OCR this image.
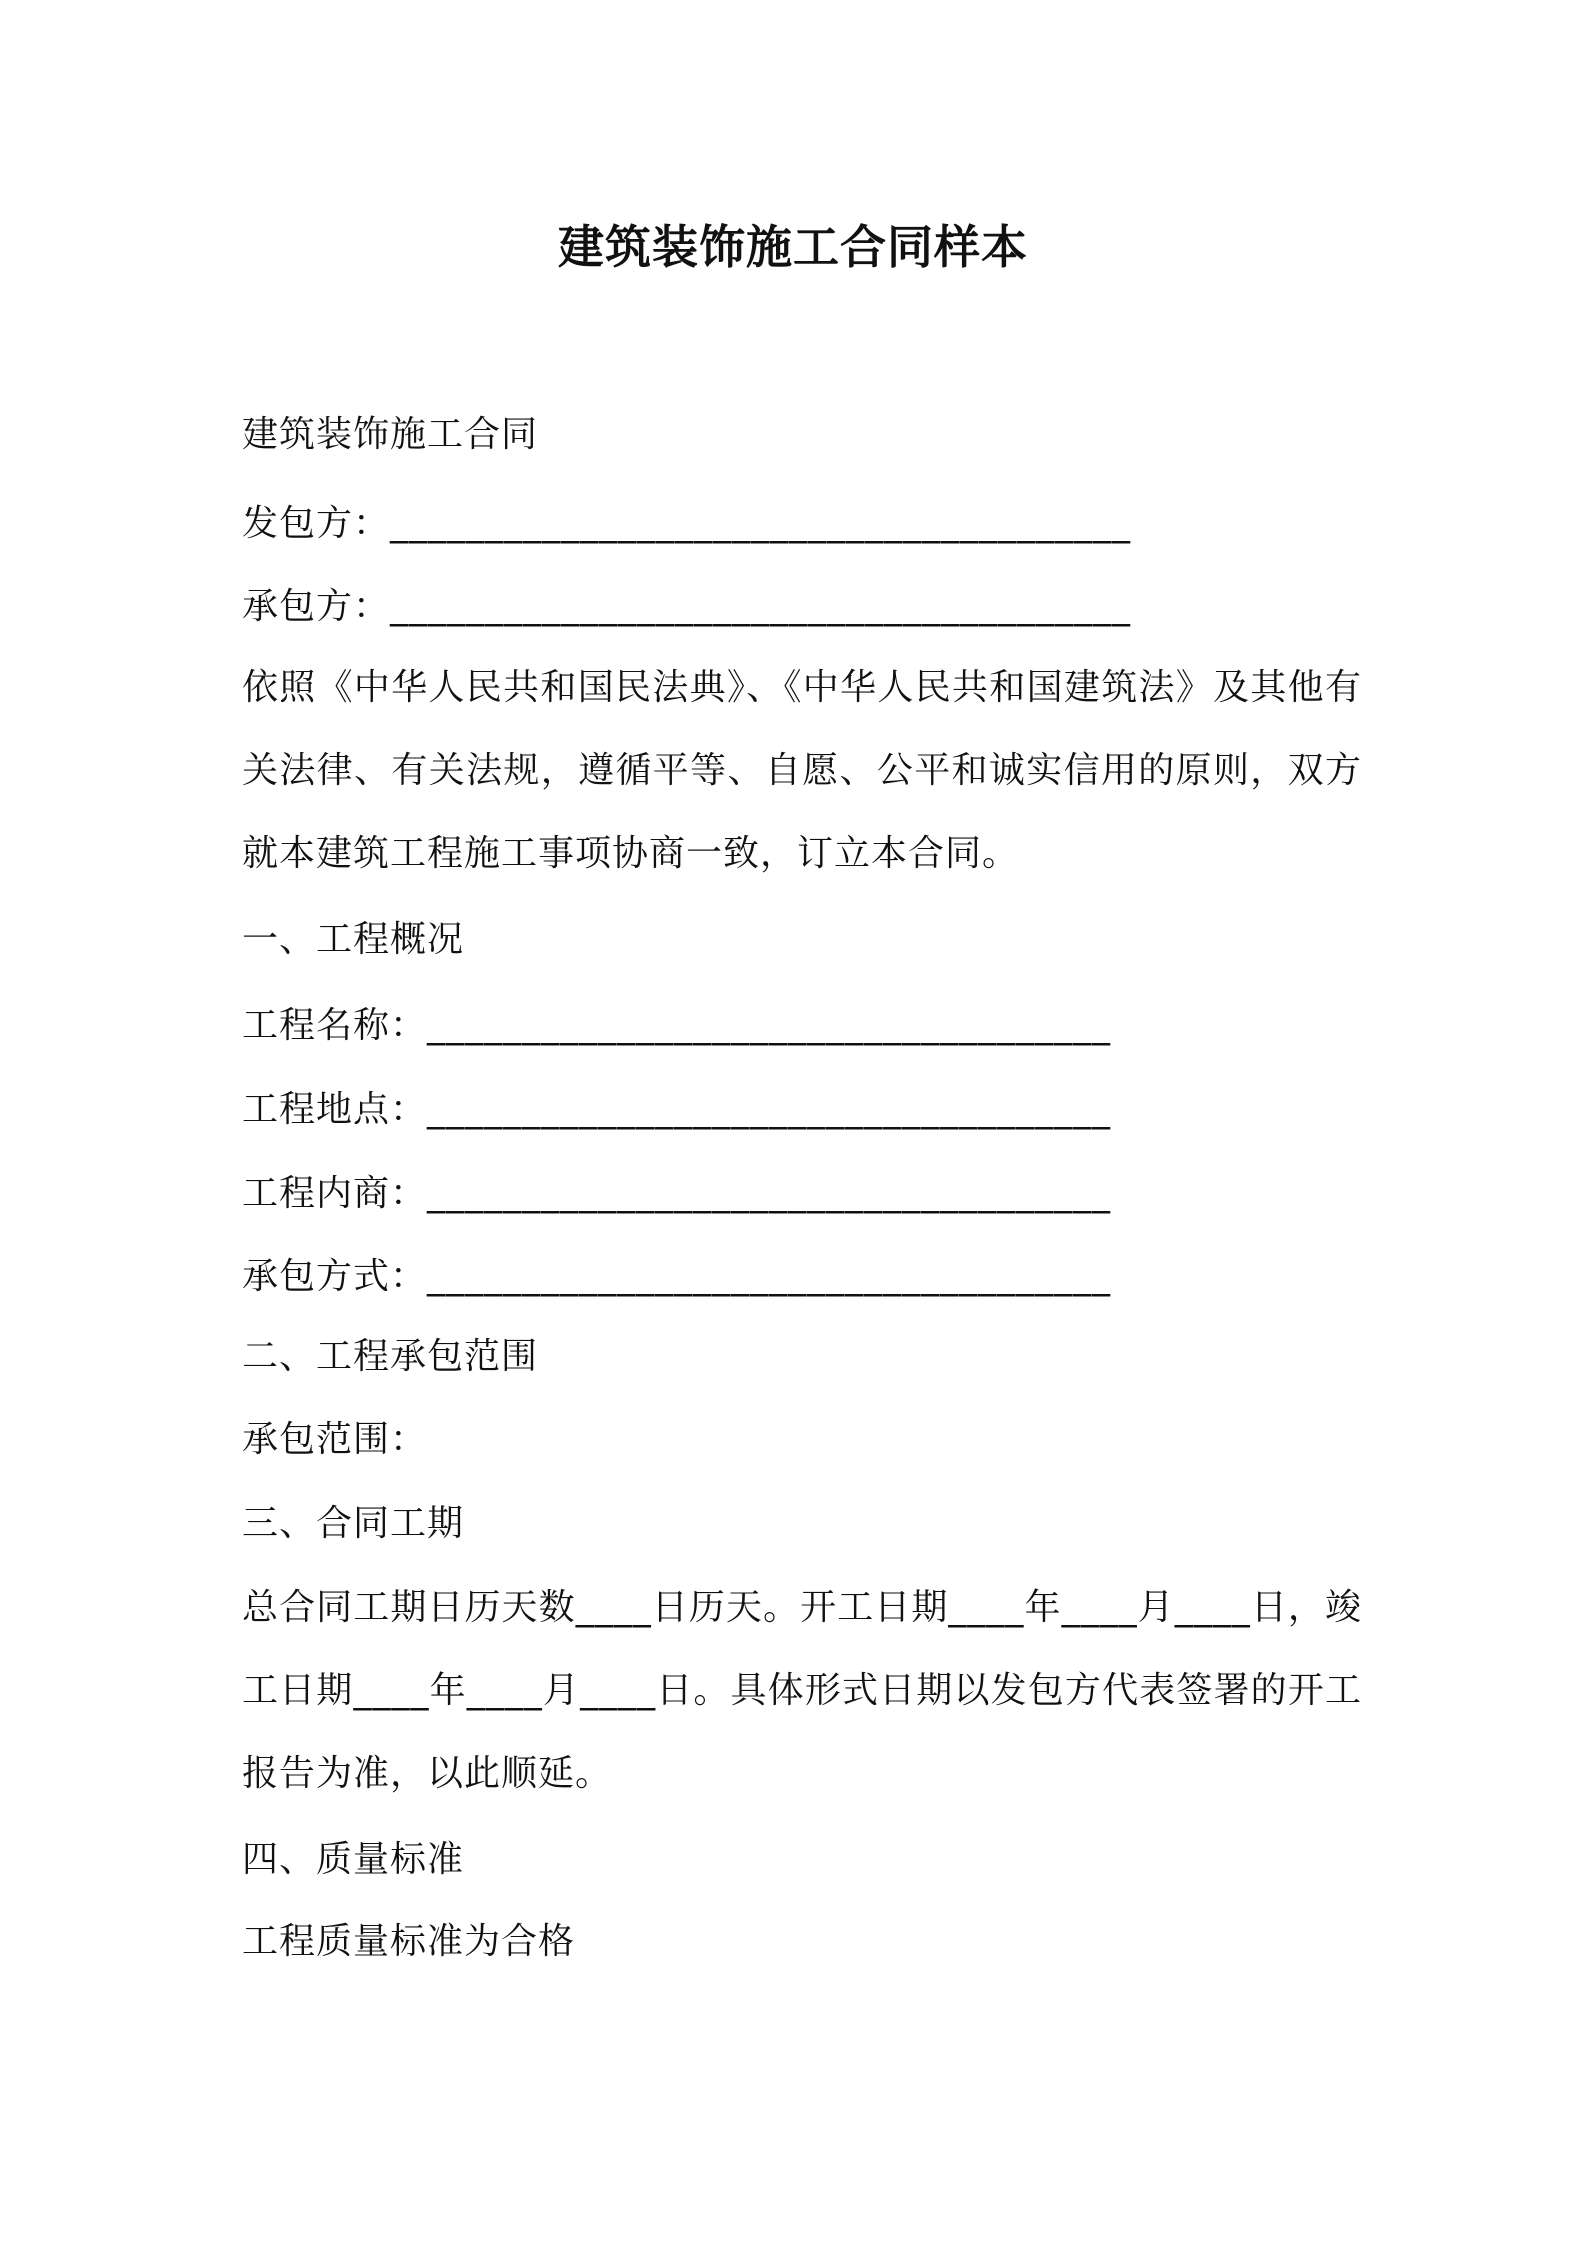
建筑装饰施工合同样本
建筑装饰施工合同
发包方：_______________________________________
承包方：_______________________________________
依照《中华人民共和国民法典》、《中华人民共和国建筑法》及其他有关法律、有关法规，遵循平等、自愿、公平和诚实信用的原则，双方就本建筑工程施工事项协商一致，订立本合同。
一、工程概况
工程名称：____________________________________
工程地点：____________________________________
工程内商：____________________________________
承包方式：____________________________________
二、工程承包范围
承包范围：
三、合同工期
总合同工期日历天数____日历天。开工日期____年____月____日，竣工日期____年____月____日。具体形式日期以发包方代表签署的开工报告为准，以此顺延。
四、质量标准
工程质量标准为合格
